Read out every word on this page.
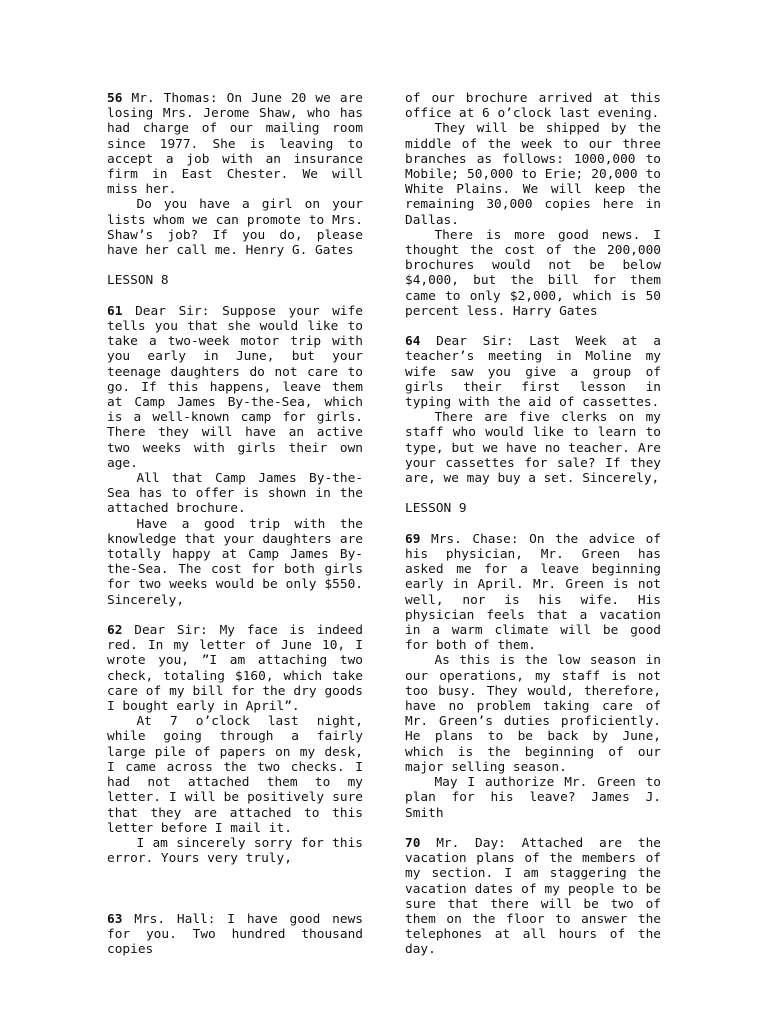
56 Mr. Thomas: On June 20 we are losing Mrs. Jerome Shaw, who has had charge of our mailing room since 1977. She is leaving to accept a job with an insurance firm in East Chester. We will miss her.

Do you have a girl on your lists whom we can promote to Mrs. Shaw’s job? If you do, please have her call me. Henry G. Gates

LESSON 8

61 Dear Sir: Suppose your wife tells you that she would like to take a two-week motor trip with you early in June, but your teenage daughters do not care to go. If this happens, leave them at Camp James By-the-Sea, which is a well-known camp for girls. There they will have an active two weeks with girls their own age.

All that Camp James By-the-Sea has to offer is shown in the attached brochure.

Have a good trip with the knowledge that your daughters are totally happy at Camp James By-the-Sea. The cost for both girls for two weeks would be only $550. Sincerely,

62 Dear Sir: My face is indeed red. In my letter of June 10, I wrote you, ”I am attaching two check, totaling $160, which take care of my bill for the dry goods I bought early in April”.

At 7 o’clock last night, while going through a fairly large pile of papers on my desk, I came across the two checks. I had not attached them to my letter. I will be positively sure that they are attached to this letter before I mail it.

I am sincerely sorry for this error. Yours very truly,

63 Mrs. Hall: I have good news for you. Two hundred thousand copies

of our brochure arrived at this office at 6 o’clock last evening.

They will be shipped by the middle of the week to our three branches as follows: 1000,000 to Mobile; 50,000 to Erie; 20,000 to White Plains. We will keep the remaining 30,000 copies here in Dallas.

There is more good news. I thought the cost of the 200,000 brochures would not be below $4,000, but the bill for them came to only $2,000, which is 50 percent less. Harry Gates

64 Dear Sir: Last Week at a teacher’s meeting in Moline my wife saw you give a group of girls their first lesson in typing with the aid of cassettes.

There are five clerks on my staff who would like to learn to type, but we have no teacher. Are your cassettes for sale? If they are, we may buy a set. Sincerely,

LESSON 9

69 Mrs. Chase: On the advice of his physician, Mr. Green has asked me for a leave beginning early in April. Mr. Green is not well, nor is his wife. His physician feels that a vacation in a warm climate will be good for both of them.

As this is the low season in our operations, my staff is not too busy. They would, therefore, have no problem taking care of Mr. Green’s duties proficiently. He plans to be back by June, which is the beginning of our major selling season.

May I authorize Mr. Green to plan for his leave? James J. Smith

70 Mr. Day: Attached are the vacation plans of the members of my section. I am staggering the vacation dates of my people to be sure that there will be two of them on the floor to answer the telephones at all hours of the day.
